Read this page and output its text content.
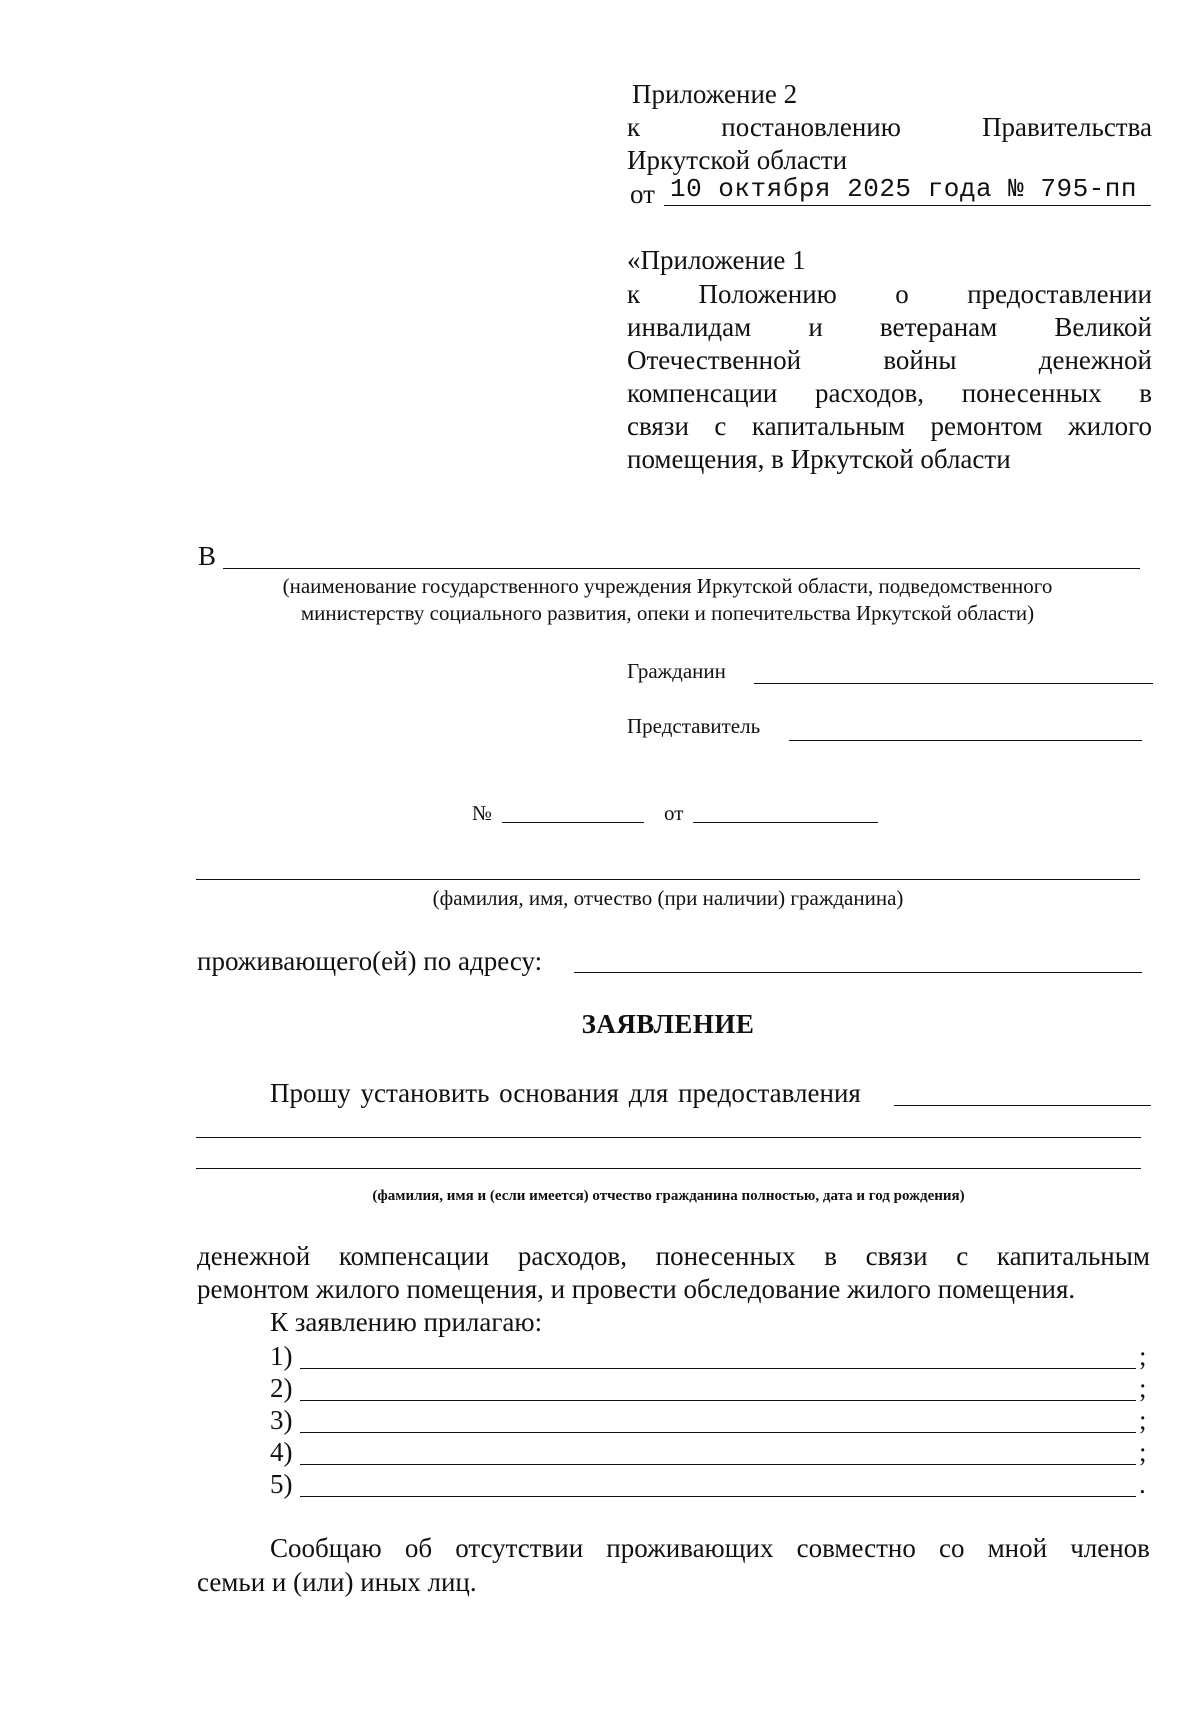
Приложение 2
к	постановлению	Правительства
Иркутской области
от 10 октября 2025 года № 795-пп
«Приложение 1
к Положению о предоставлении
инвалидам и ветеранам Великой
Отечественной	войны	денежной
компенсации расходов, понесенных в
связи с капитальным ремонтом жилого
помещения, в Иркутской области
В
(наименование государственного учреждения Иркутской области, подведомственного
министерству социального развития, опеки и попечительства Иркутской области)
Гражданин
Представитель
№	от
(фамилия, имя, отчество (при наличии) гражданина)
проживающего(ей) по адресу:
ЗАЯВЛЕНИЕ
Прошу установить основания для предоставления
(фамилия, имя и (если имеется) отчество гражданина полностью, дата и год рождения)
денежной компенсации расходов, понесенных в связи с капитальным
ремонтом жилого помещения, и провести обследование жилого помещения.
К заявлению прилагаю:
1)	;
2)	;
3)	;
4)	;
5)	.
Сообщаю об отсутствии проживающих совместно со мной членов
семьи и (или) иных лиц.
